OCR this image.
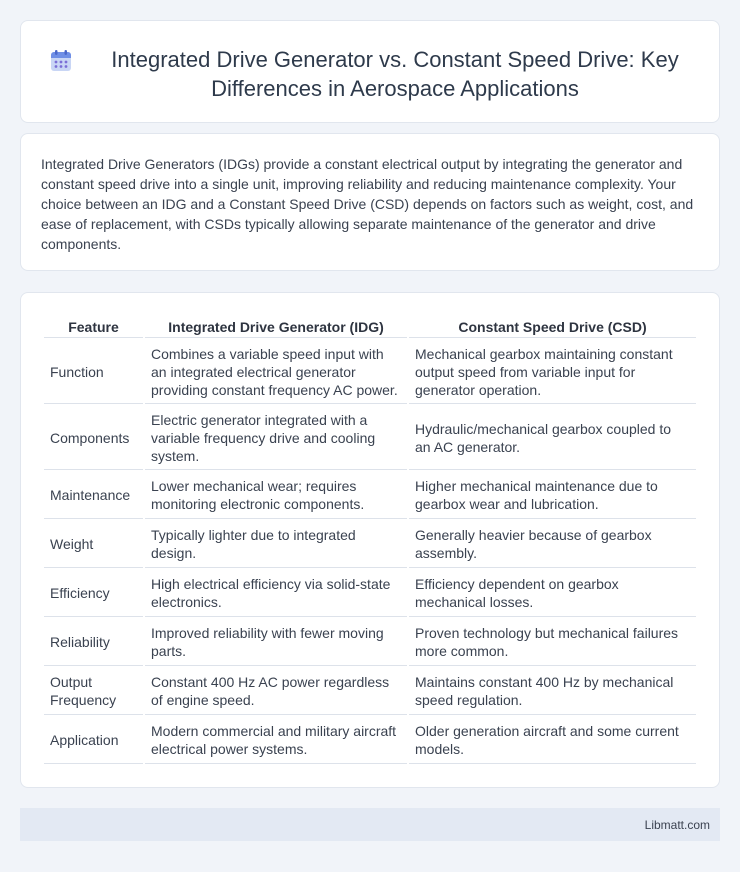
Integrated Drive Generator vs. Constant Speed Drive: Key Differences in Aerospace Applications

Integrated Drive Generators (IDGs) provide a constant electrical output by integrating the generator and constant speed drive into a single unit, improving reliability and reducing maintenance complexity. Your choice between an IDG and a Constant Speed Drive (CSD) depends on factors such as weight, cost, and ease of replacement, with CSDs typically allowing separate maintenance of the generator and drive components.

Feature	Integrated Drive Generator (IDG)	Constant Speed Drive (CSD)
Function	Combines a variable speed input with an integrated electrical generator providing constant frequency AC power.	Mechanical gearbox maintaining constant output speed from variable input for generator operation.
Components	Electric generator integrated with a variable frequency drive and cooling system.	Hydraulic/mechanical gearbox coupled to an AC generator.
Maintenance	Lower mechanical wear; requires monitoring electronic components.	Higher mechanical maintenance due to gearbox wear and lubrication.
Weight	Typically lighter due to integrated design.	Generally heavier because of gearbox assembly.
Efficiency	High electrical efficiency via solid-state electronics.	Efficiency dependent on gearbox mechanical losses.
Reliability	Improved reliability with fewer moving parts.	Proven technology but mechanical failures more common.
Output Frequency	Constant 400 Hz AC power regardless of engine speed.	Maintains constant 400 Hz by mechanical speed regulation.
Application	Modern commercial and military aircraft electrical power systems.	Older generation aircraft and some current models.
Libmatt.com
